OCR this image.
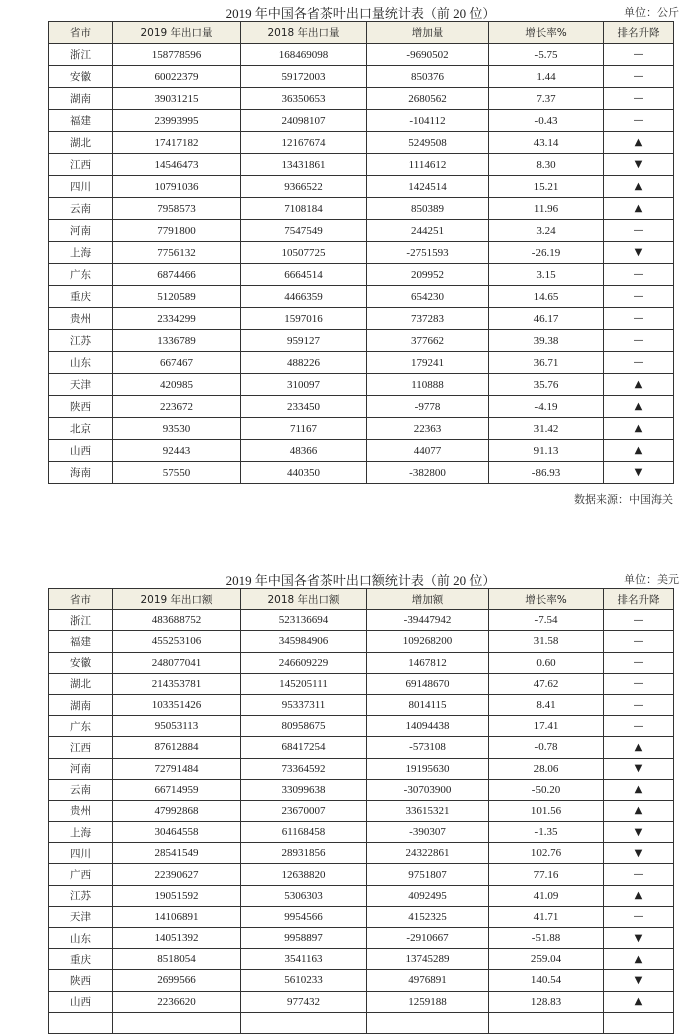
2019 年中国各省茶叶出口量统计表（前 20 位）	单位：公斤
省市	2019 年出口量	2018 年出口量	增加量	增长率%	排名升降
浙江	158778596	168469098	-9690502	-5.75	—
安徽	60022379	59172003	850376	1.44	—
湖南	39031215	36350653	2680562	7.37	—
福建	23993995	24098107	-104112	-0.43	—
湖北	17417182	12167674	5249508	43.14	▲
江西	14546473	13431861	1114612	8.30	▼
四川	10791036	9366522	1424514	15.21	▲
云南	7958573	7108184	850389	11.96	▲
河南	7791800	7547549	244251	3.24	—
上海	7756132	10507725	-2751593	-26.19	▼
广东	6874466	6664514	209952	3.15	—
重庆	5120589	4466359	654230	14.65	—
贵州	2334299	1597016	737283	46.17	—
江苏	1336789	959127	377662	39.38	—
山东	667467	488226	179241	36.71	—
天津	420985	310097	110888	35.76	▲
陕西	223672	233450	-9778	-4.19	▲
北京	93530	71167	22363	31.42	▲
山西	92443	48366	44077	91.13	▲
海南	57550	440350	-382800	-86.93	▼
数据来源：中国海关
2019 年中国各省茶叶出口额统计表（前 20 位）	单位：美元
省市	2019 年出口额	2018 年出口额	增加额	增长率%	排名升降
浙江	483688752	523136694	-39447942	-7.54	—
福建	455253106	345984906	109268200	31.58	—
安徽	248077041	246609229	1467812	0.60	—
湖北	214353781	145205111	69148670	47.62	—
湖南	103351426	95337311	8014115	8.41	—
广东	95053113	80958675	14094438	17.41	—
江西	87612884	68417254	-573108	-0.78	▲
河南	72791484	73364592	19195630	28.06	▼
云南	66714959	33099638	-30703900	-50.20	▲
贵州	47992868	23670007	33615321	101.56	▲
上海	30464558	61168458	-390307	-1.35	▼
四川	28541549	28931856	24322861	102.76	▼
广西	22390627	12638820	9751807	77.16	—
江苏	19051592	5306303	4092495	41.09	▲
天津	14106891	9954566	4152325	41.71	—
山东	14051392	9958897	-2910667	-51.88	▼
重庆	8518054	3541163	13745289	259.04	▲
陕西	2699566	5610233	4976891	140.54	▼
山西	2236620	977432	1259188	128.83	▲
